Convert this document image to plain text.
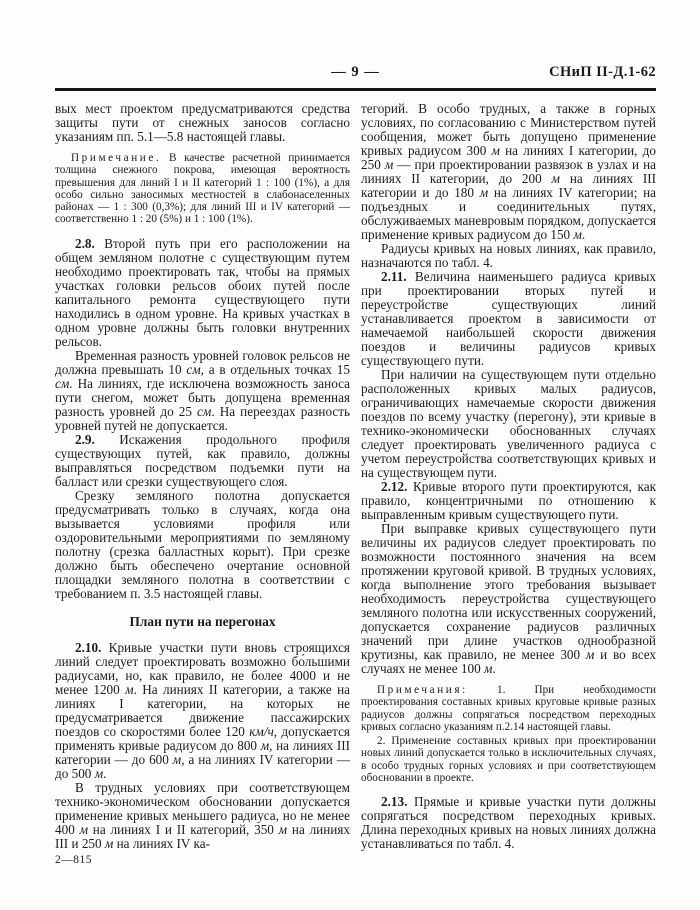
— 9 —	СНиП II-Д.1-62

вых мест проектом предусматриваются средства защиты пути от снежных заносов согласно указаниям пп. 5.1—5.8 настоящей главы.

Примечание. В качестве расчетной принимается толщина снежного покрова, имеющая вероятность превышения для линий I и II категорий 1 : 100 (1%), а для особо сильно заносимых местностей в слабонаселенных районах — 1 : 300 (0,3%); для линий III и IV категорий — соответственно 1 : 20 (5%) и 1 : 100 (1%).

2.8. Второй путь при его расположении на общем земляном полотне с существующим путем необходимо проектировать так, чтобы на прямых участках головки рельсов обоих путей после капитального ремонта существующего пути находились в одном уровне. На кривых участках в одном уровне должны быть головки внутренних рельсов.

Временная разность уровней головок рельсов не должна превышать 10 см, а в отдельных точках 15 см. На линиях, где исключена возможность заноса пути снегом, может быть допущена временная разность уровней до 25 см. На переездах разность уровней путей не допускается.

2.9. Искажения продольного профиля существующих путей, как правило, должны выправляться посредством подъемки пути на балласт или срезки существующего слоя.

Срезку земляного полотна допускается предусматривать только в случаях, когда она вызывается условиями профиля или оздоровительными мероприятиями по земляному полотну (срезка балластных корыт). При срезке должно быть обеспечено очертание основной площадки земляного полотна в соответствии с требованием п. 3.5 настоящей главы.

План пути на перегонах

2.10. Кривые участки пути вновь строящихся линий следует проектировать возможно бо́льшими радиусами, но, как правило, не более 4000 и не менее 1200 м. На линиях II категории, а также на линиях I категории, на которых не предусматривается движение пассажирских поездов со скоростями более 120 км/ч, допускается применять кривые радиусом до 800 м, на линиях III категории — до 600 м, а на линиях IV категории — до 500 м.

В трудных условиях при соответствующем технико-экономическом обосновании допускается применение кривых меньшего радиуса, но не менее 400 м на линиях I и II категорий, 350 м на линиях III и 250 м на линиях IV ка-

2—815

тегорий. В особо трудных, а также в горных условиях, по согласованию с Министерством путей сообщения, может быть допущено применение кривых радиусом 300 м на линиях I категории, до 250 м — при проектировании развязок в узлах и на линиях II категории, до 200 м на линиях III категории и до 180 м на линиях IV категории; на подъездных и соединительных путях, обслуживаемых маневровым порядком, допускается применение кривых радиусом до 150 м.

Радиусы кривых на новых линиях, как правило, назначаются по табл. 4.

2.11. Величина наименьшего радиуса кривых при проектировании вторых путей и переустройстве существующих линий устанавливается проектом в зависимости от намечаемой наибольшей скорости движения поездов и величины радиусов кривых существующего пути.

При наличии на существующем пути отдельно расположенных кривых малых радиусов, ограничивающих намечаемые скорости движения поездов по всему участку (перегону), эти кривые в технико-экономически обоснованных случаях следует проектировать увеличенного радиуса с учетом переустройства соответствующих кривых и на существующем пути.

2.12. Кривые второго пути проектируются, как правило, концентричными по отношению к выправленным кривым существующего пути.

При выправке кривых существующего пути величины их радиусов следует проектировать по возможности постоянного значения на всем протяжении круговой кривой. В трудных условиях, когда выполнение этого требования вызывает необходимость переустройства существующего земляного полотна или искусственных сооружений, допускается сохранение радиусов различных значений при длине участков однообразной крутизны, как правило, не менее 300 м и во всех случаях не менее 100 м.

Примечания: 1. При необходимости проектирования составных кривых круговые кривые разных радиусов должны сопрягаться посредством переходных кривых согласно указаниям п.2.14 настоящей главы.

2. Применение составных кривых при проектировании новых линий допускается только в исключительных случаях, в особо трудных горных условиях и при соответствующем обосновании в проекте.

2.13. Прямые и кривые участки пути должны сопрягаться посредством переходных кривых. Длина переходных кривых на новых линиях должна устанавливаться по табл. 4.
